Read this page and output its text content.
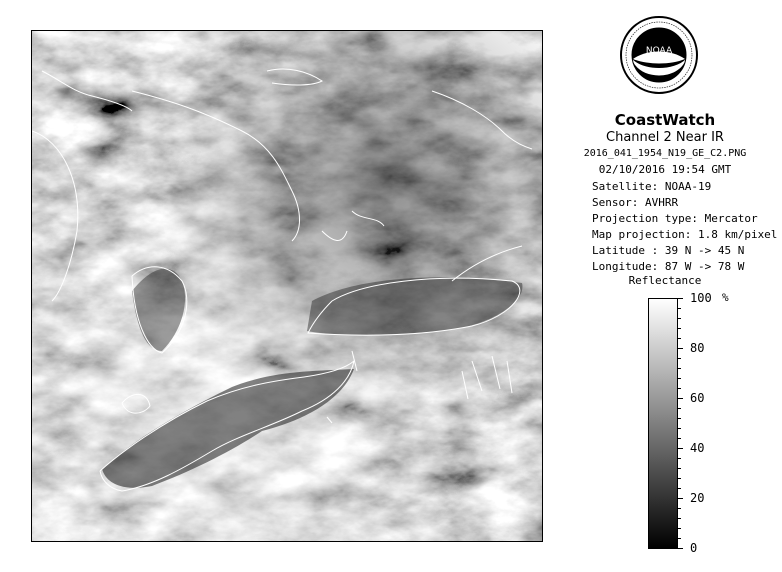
NOAA
CoastWatch
Channel 2 Near IR
2016_041_1954_N19_GE_C2.PNG
02/10/2016 19:54 GMT
Satellite: NOAA-19
Sensor: AVHRR
Projection type: Mercator
Map projection: 1.8 km/pixel
Latitude : 39 N -> 45 N
Longitude: 87 W -> 78 W
Reflectance
%
100
80
60
40
20
0
